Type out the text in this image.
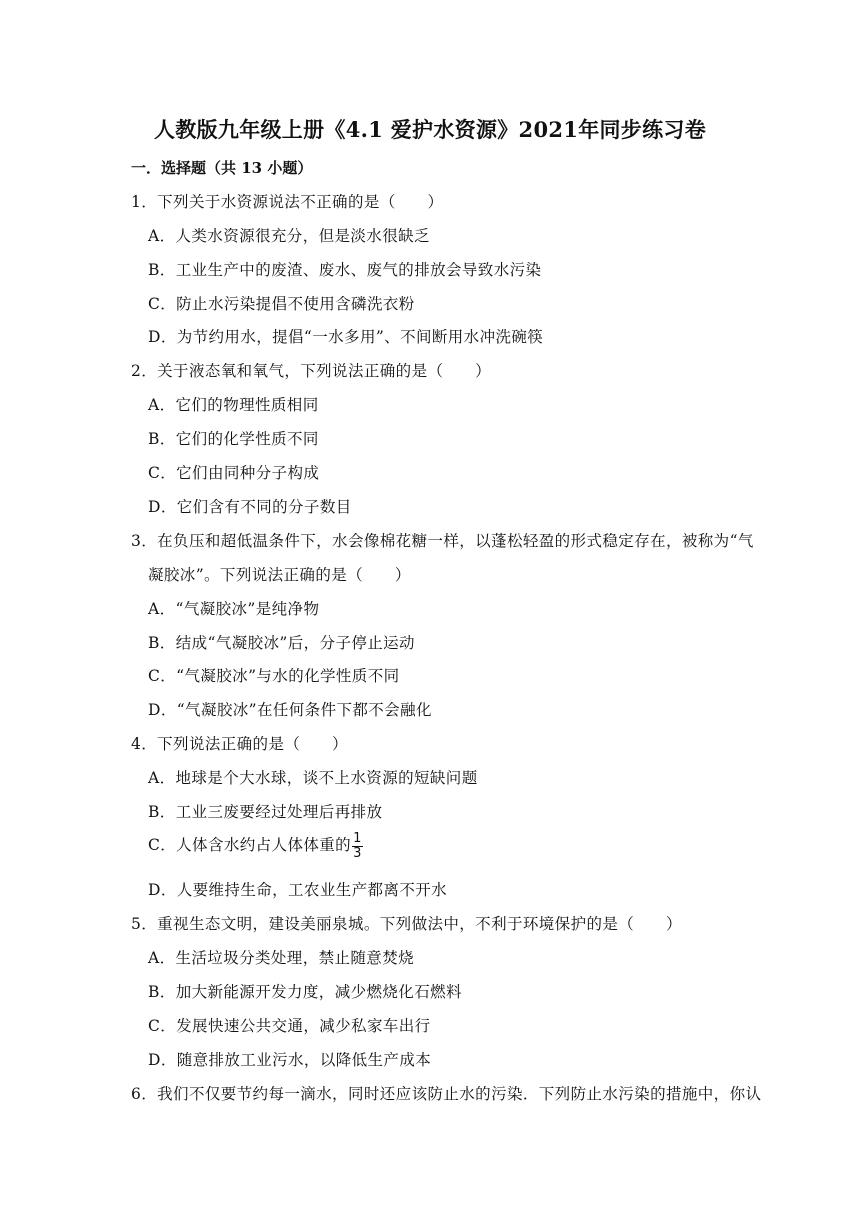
人教版九年级上册《4.1 爱护水资源》2021年同步练习卷
一．选择题（共 13 小题）
1．下列关于水资源说法不正确的是（　　）
A．人类水资源很充分，但是淡水很缺乏
B．工业生产中的废渣、废水、废气的排放会导致水污染
C．防止水污染提倡不使用含磷洗衣粉
D．为节约用水，提倡“一水多用”、不间断用水冲洗碗筷
2．关于液态氧和氧气，下列说法正确的是（　　）
A．它们的物理性质相同
B．它们的化学性质不同
C．它们由同种分子构成
D．它们含有不同的分子数目
3．在负压和超低温条件下，水会像棉花糖一样，以蓬松轻盈的形式稳定存在，被称为“气
凝胶冰”。下列说法正确的是（　　）
A．“气凝胶冰”是纯净物
B．结成“气凝胶冰”后，分子停止运动
C．“气凝胶冰”与水的化学性质不同
D．“气凝胶冰”在任何条件下都不会融化
4．下列说法正确的是（　　）
A．地球是个大水球，谈不上水资源的短缺问题
B．工业三废要经过处理后再排放
C．人体含水约占人体体重的 $\frac{1}{3}$
D．人要维持生命，工农业生产都离不开水
5．重视生态文明，建设美丽泉城。下列做法中，不利于环境保护的是（　　）
A．生活垃圾分类处理，禁止随意焚烧
B．加大新能源开发力度，减少燃烧化石燃料
C．发展快速公共交通，减少私家车出行
D．随意排放工业污水，以降低生产成本
6．我们不仅要节约每一滴水，同时还应该防止水的污染．下列防止水污染的措施中，你认
